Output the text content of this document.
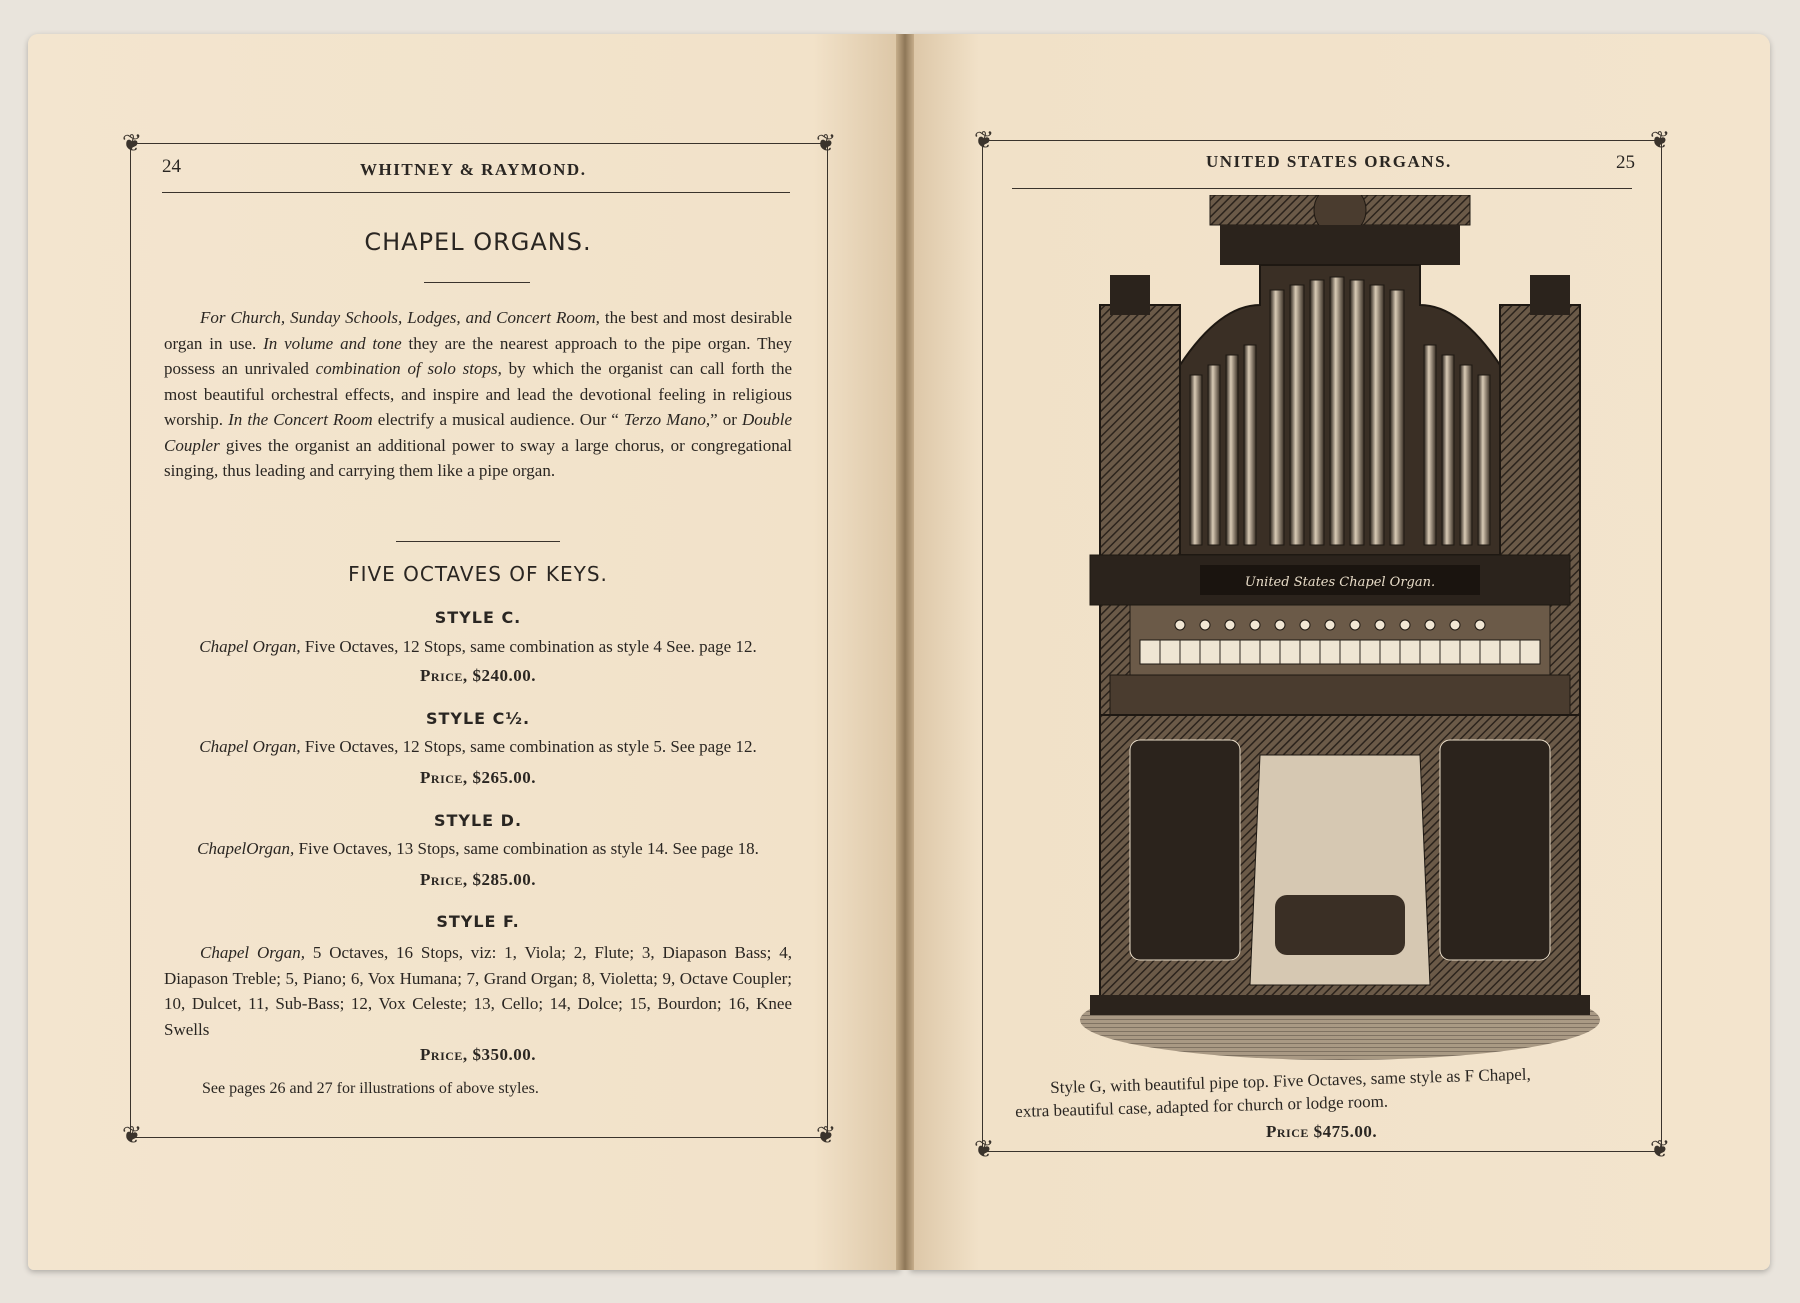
❦	❦
❦	❦
24	WHITNEY & RAYMOND.
CHAPEL ORGANS.
For Church, Sunday Schools, Lodges, and Concert Room, the best and most desirable organ in use. In volume and tone they are the nearest approach to the pipe organ. They possess an unrivaled combination of solo stops, by which the organist can call forth the most beautiful orchestral effects, and inspire and lead the devotional feeling in religious worship. In the Concert Room electrify a musical audience. Our “ Terzo Mano,” or Double Coupler gives the organist an additional power to sway a large chorus, or congregational singing, thus leading and carrying them like a pipe organ.
FIVE OCTAVES OF KEYS.
STYLE C.
Chapel Organ, Five Octaves, 12 Stops, same combination as style 4 See. page 12.
Price, $240.00.
STYLE C½.
Chapel Organ, Five Octaves, 12 Stops, same combination as style 5. See page 12.
Price, $265.00.
STYLE D.
ChapelOrgan, Five Octaves, 13 Stops, same combination as style 14. See page 18.
Price, $285.00.
STYLE F.
Chapel Organ, 5 Octaves, 16 Stops, viz: 1, Viola; 2, Flute; 3, Diapason Bass; 4, Diapason Treble; 5, Piano; 6, Vox Humana; 7, Grand Organ; 8, Violetta; 9, Octave Coupler; 10, Dulcet, 11, Sub-Bass; 12, Vox Celeste; 13, Cello; 14, Dolce; 15, Bourdon; 16, Knee Swells
Price, $350.00.
See pages 26 and 27 for illustrations of above styles.
❦	❦
❦	❦
UNITED STATES ORGANS.	25
United States Chapel Organ.
Style G, with beautiful pipe top. Five Octaves, same style as F Chapel,
extra beautiful case, adapted for church or lodge room.
Price $475.00.
